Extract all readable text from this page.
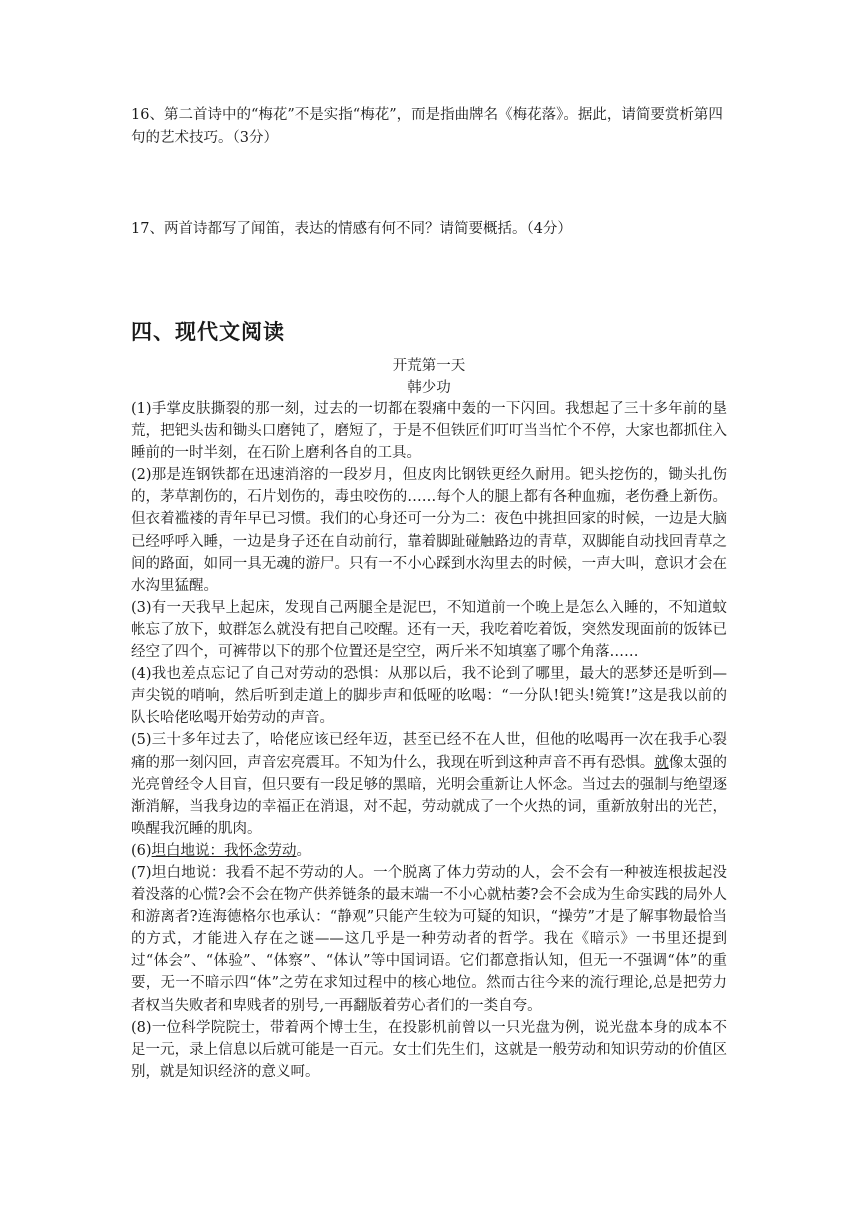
16、第二首诗中的“梅花”不是实指“梅花”，而是指曲牌名《梅花落》。据此，请简要赏析第四句的艺术技巧。（3分）
17、两首诗都写了闻笛，表达的情感有何不同？请简要概括。（4分）
四、现代文阅读
开荒第一天
韩少功

(1)手掌皮肤撕裂的那一刻，过去的一切都在裂痛中轰的一下闪回。我想起了三十多年前的垦荒，把钯头齿和锄头口磨钝了，磨短了，于是不但铁匠们叮叮当当忙个不停，大家也都抓住入睡前的一时半刻，在石阶上磨利各自的工具。

(2)那是连钢铁都在迅速消溶的一段岁月，但皮肉比钢铁更经久耐用。钯头挖伤的，锄头扎伤的，茅草割伤的，石片划伤的，毒虫咬伤的……每个人的腿上都有各种血痂，老伤叠上新伤。但衣着褴褛的青年早已习惯。我们的心身还可一分为二：夜色中挑担回家的时候，一边是大脑已经呼呼入睡，一边是身子还在自动前行，靠着脚趾碰触路边的青草，双脚能自动找回青草之间的路面，如同一具无魂的游尸。只有一不小心踩到水沟里去的时候，一声大叫，意识才会在水沟里猛醒。

(3)有一天我早上起床，发现自己两腿全是泥巴，不知道前一个晚上是怎么入睡的，不知道蚊帐忘了放下，蚊群怎么就没有把自己咬醒。还有一天，我吃着吃着饭，突然发现面前的饭钵已经空了四个，可裤带以下的那个位置还是空空，两斤米不知填塞了哪个角落……

(4)我也差点忘记了自己对劳动的恐惧：从那以后，我不论到了哪里，最大的恶梦还是听到—声尖锐的哨响，然后听到走道上的脚步声和低哑的吆喝：“一分队!钯头!箢箕!”这是我以前的队长哈佬吆喝开始劳动的声音。

(5)三十多年过去了，哈佬应该已经年迈，甚至已经不在人世，但他的吆喝再一次在我手心裂痛的那一刻闪回，声音宏亮震耳。不知为什么，我现在听到这种声音不再有恐惧。就像太强的光亮曾经令人目盲，但只要有一段足够的黑暗，光明会重新让人怀念。当过去的强制与绝望逐渐消解，当我身边的幸福正在消退，对不起，劳动就成了一个火热的词，重新放射出的光芒，唤醒我沉睡的肌肉。

(6)坦白地说：我怀念劳动。

(7)坦白地说：我看不起不劳动的人。一个脱离了体力劳动的人，会不会有一种被连根拔起没着没落的心慌?会不会在物产供养链条的最末端一不小心就枯萎?会不会成为生命实践的局外人和游离者?连海德格尔也承认：“静观”只能产生较为可疑的知识，“操劳”才是了解事物最恰当的方式，才能进入存在之谜——这几乎是一种劳动者的哲学。我在《暗示》一书里还提到过“体会”、“体验”、“体察”、“体认”等中国词语。它们都意指认知，但无一不强调“体”的重要，无一不暗示四“体”之劳在求知过程中的核心地位。然而古往今来的流行理论,总是把劳力者权当失败者和卑贱者的别号,一再翻版着劳心者们的一类自夸。

(8)一位科学院院士，带着两个博士生，在投影机前曾以一只光盘为例，说光盘本身的成本不足一元，录上信息以后就可能是一百元。女士们先生们，这就是一般劳动和知识劳动的价值区别，就是知识经济的意义呵。
